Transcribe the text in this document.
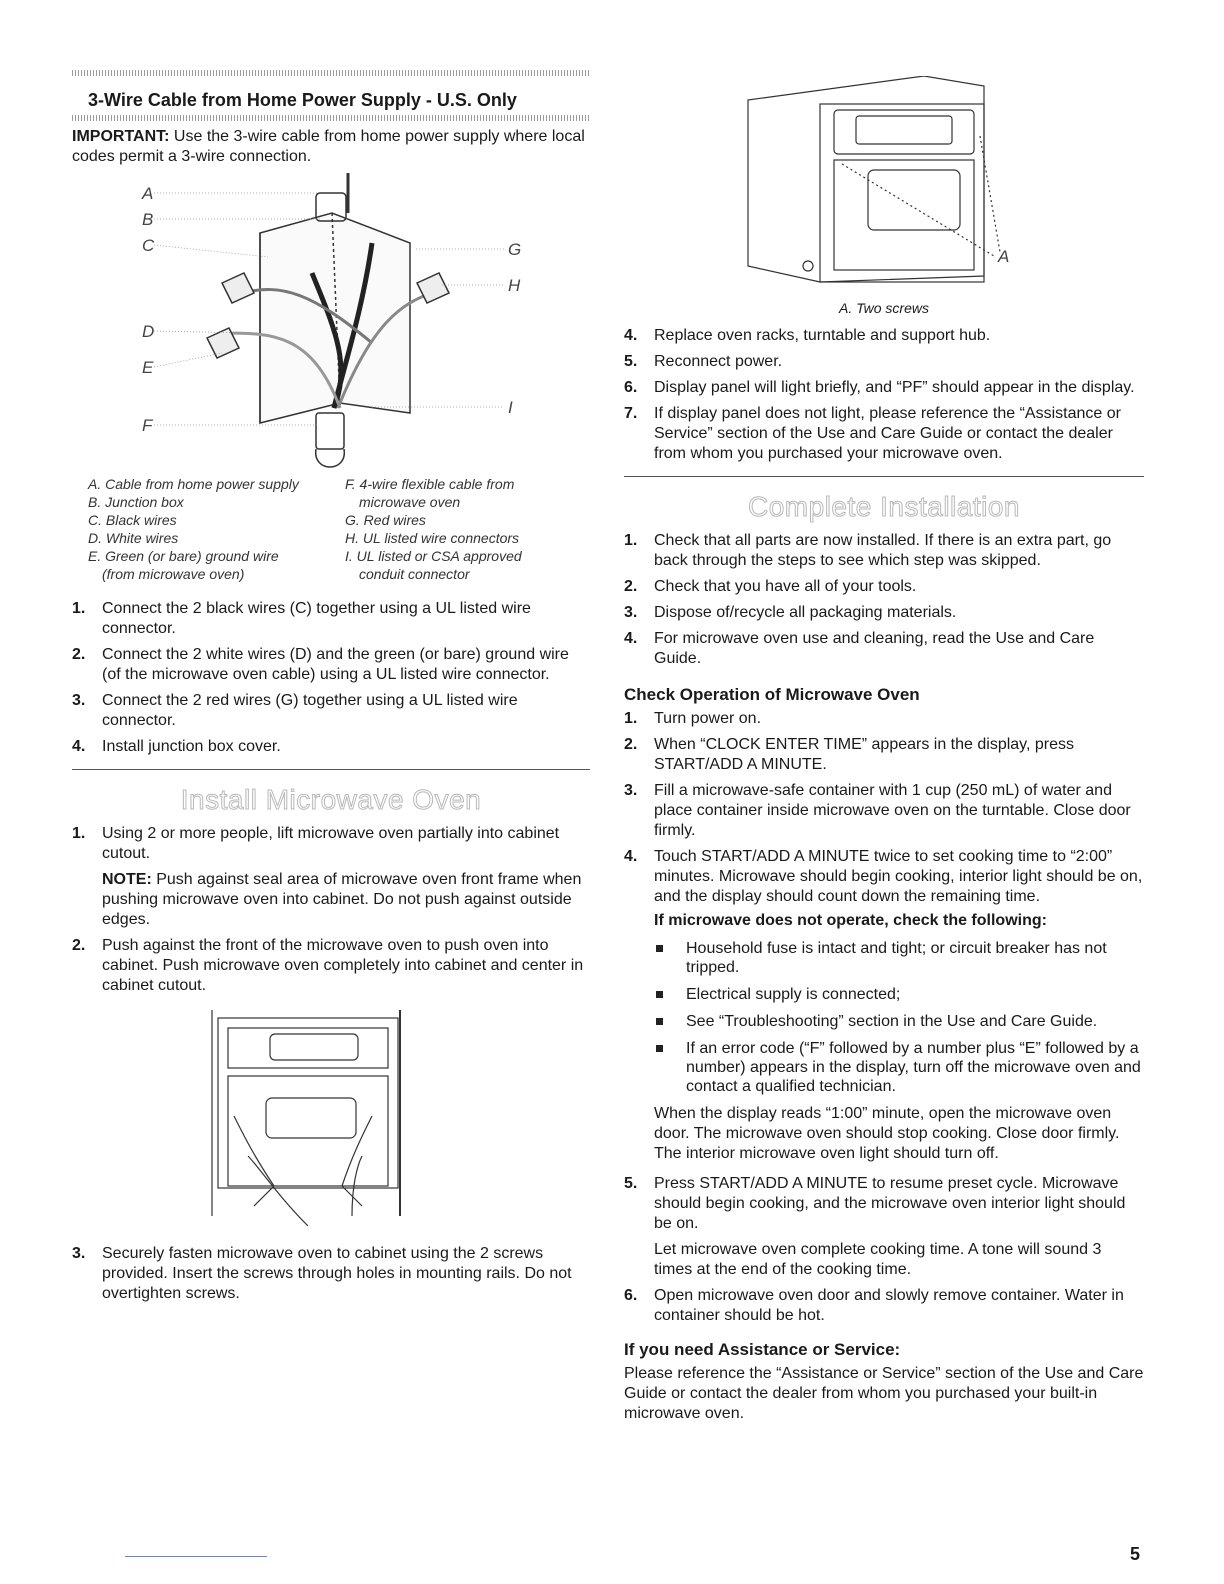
3-Wire Cable from Home Power Supply - U.S. Only

IMPORTANT: Use the 3-wire cable from home power supply where local codes permit a 3-wire connection.

A
B
C
D
E
F
G
H
I
A. Cable from home power supply
B. Junction box
C. Black wires
D. White wires
E. Green (or bare) ground wire
(from microwave oven)
F. 4-wire flexible cable from
microwave oven
G. Red wires
H. UL listed wire connectors
I. UL listed or CSA approved
conduit connector
1. Connect the 2 black wires (C) together using a UL listed wire connector.
2. Connect the 2 white wires (D) and the green (or bare) ground wire (of the microwave oven cable) using a UL listed wire connector.
3. Connect the 2 red wires (G) together using a UL listed wire connector.
4. Install junction box cover.
Install Microwave Oven
1. Using 2 or more people, lift microwave oven partially into cabinet cutout.

NOTE: Push against seal area of microwave oven front frame when pushing microwave oven into cabinet. Do not push against outside edges.

2. Push against the front of the microwave oven to push oven into cabinet. Push microwave oven completely into cabinet and center in cabinet cutout.
3. Securely fasten microwave oven to cabinet using the 2 screws provided. Insert the screws through holes in mounting rails. Do not overtighten screws.
A
A. Two screws
4. Replace oven racks, turntable and support hub.
5. Reconnect power.
6. Display panel will light briefly, and “PF” should appear in the display.
7. If display panel does not light, please reference the “Assistance or Service” section of the Use and Care Guide or contact the dealer from whom you purchased your microwave oven.
Complete Installation
1. Check that all parts are now installed. If there is an extra part, go back through the steps to see which step was skipped.
2. Check that you have all of your tools.
3. Dispose of/recycle all packaging materials.
4. For microwave oven use and cleaning, read the Use and Care Guide.
Check Operation of Microwave Oven
1. Turn power on.
2. When “CLOCK ENTER TIME” appears in the display, press START/ADD A MINUTE.
3. Fill a microwave-safe container with 1 cup (250 mL) of water and place container inside microwave oven on the turntable. Close door firmly.
4. Touch START/ADD A MINUTE twice to set cooking time to “2:00” minutes. Microwave should begin cooking, interior light should be on, and the display should count down the remaining time.

If microwave does not operate, check the following:

Household fuse is intact and tight; or circuit breaker has not tripped.
Electrical supply is connected;
See “Troubleshooting” section in the Use and Care Guide.
If an error code (“F” followed by a number plus “E” followed by a number) appears in the display, turn off the microwave oven and contact a qualified technician.

When the display reads “1:00” minute, open the microwave oven door. The microwave oven should stop cooking. Close door firmly. The interior microwave oven light should turn off.

5. Press START/ADD A MINUTE to resume preset cycle. Microwave should begin cooking, and the microwave oven interior light should be on.

Let microwave oven complete cooking time. A tone will sound 3 times at the end of the cooking time.

6. Open microwave oven door and slowly remove container. Water in container should be hot.
If you need Assistance or Service:

Please reference the “Assistance or Service” section of the Use and Care Guide or contact the dealer from whom you purchased your built-in microwave oven.

5
